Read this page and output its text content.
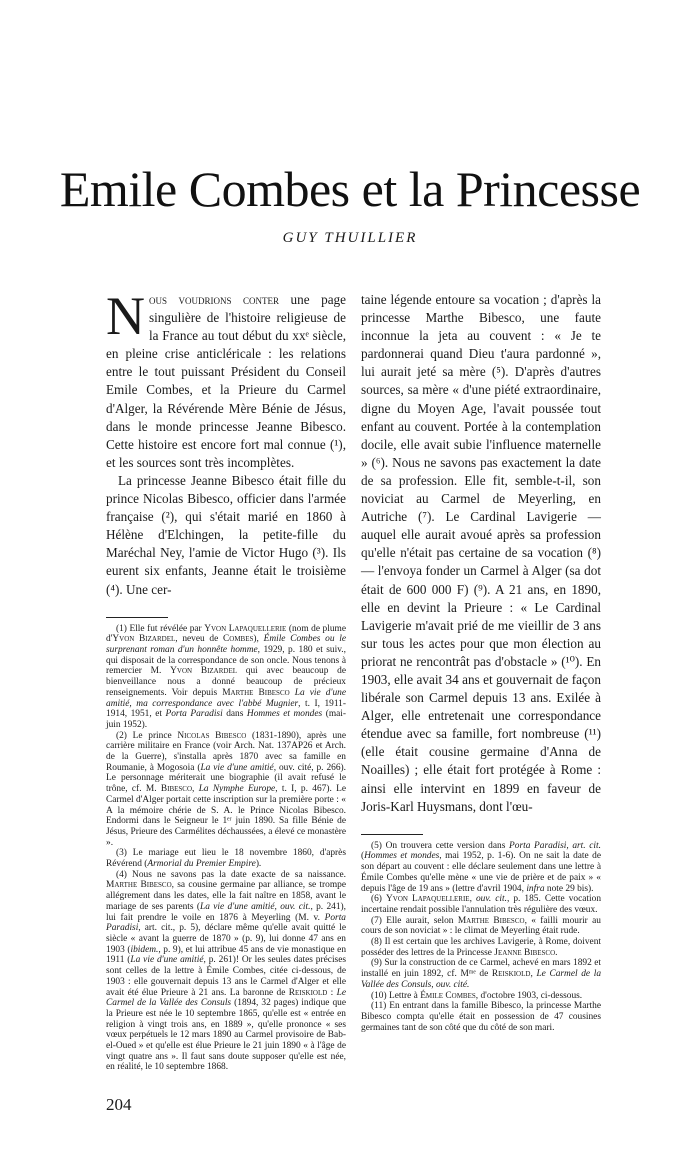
Emile Combes et la Princesse
GUY THUILLIER

Nous voudrions conter une page singulière de l'histoire religieuse de la France au tout début du xxᵉ siècle, en pleine crise anticléricale : les relations entre le tout puissant Président du Conseil Emile Combes, et la Prieure du Carmel d'Alger, la Révérende Mère Bénie de Jésus, dans le monde princesse Jeanne Bibesco. Cette histoire est encore fort mal connue (¹), et les sources sont très incomplètes.

La princesse Jeanne Bibesco était fille du prince Nicolas Bibesco, officier dans l'armée française (²), qui s'était marié en 1860 à Hélène d'Elchingen, la petite-fille du Maréchal Ney, l'amie de Victor Hugo (³). Ils eurent six enfants, Jeanne était le troisième (⁴). Une cer-

(1) Elle fut révélée par Yvon Lapaquellerie (nom de plume d'Yvon Bizardel, neveu de Combes), Émile Combes ou le surprenant roman d'un honnête homme, 1929, p. 180 et suiv., qui disposait de la correspondance de son oncle. Nous tenons à remercier M. Yvon Bizardel qui avec beaucoup de bienveillance nous a donné beaucoup de précieux renseignements. Voir depuis Marthe Bibesco La vie d'une amitié, ma correspondance avec l'abbé Mugnier, t. I, 1911-1914, 1951, et Porta Paradisi dans Hommes et mondes (mai-juin 1952).

(2) Le prince Nicolas Bibesco (1831-1890), après une carrière militaire en France (voir Arch. Nat. 137AP26 et Arch. de la Guerre), s'installa après 1870 avec sa famille en Roumanie, à Mogosoia (La vie d'une amitié, ouv. cité, p. 266). Le personnage mériterait une biographie (il avait refusé le trône, cf. M. Bibesco, La Nymphe Europe, t. I, p. 467). Le Carmel d'Alger portait cette inscription sur la première porte : « A la mémoire chérie de S. A. le Prince Nicolas Bibesco. Endormi dans le Seigneur le 1ᵉʳ juin 1890. Sa fille Bénie de Jésus, Prieure des Carmélites déchaussées, a élevé ce monastère ».

(3) Le mariage eut lieu le 18 novembre 1860, d'après Révérend (Armorial du Premier Empire).

(4) Nous ne savons pas la date exacte de sa naissance. Marthe Bibesco, sa cousine germaine par alliance, se trompe allégrement dans les dates, elle la fait naître en 1858, avant le mariage de ses parents (La vie d'une amitié, ouv. cit., p. 241), lui fait prendre le voile en 1876 à Meyerling (M. v. Porta Paradisi, art. cit., p. 5), déclare même qu'elle avait quitté le siècle « avant la guerre de 1870 » (p. 9), lui donne 47 ans en 1903 (ibidem., p. 9), et lui attribue 45 ans de vie monastique en 1911 (La vie d'une amitié, p. 261)! Or les seules dates précises sont celles de la lettre à Émile Combes, citée ci-dessous, de 1903 : elle gouvernait depuis 13 ans le Carmel d'Alger et elle avait été élue Prieure à 21 ans. La baronne de Reiskiold : Le Carmel de la Vallée des Consuls (1894, 32 pages) indique que la Prieure est née le 10 septembre 1865, qu'elle est « entrée en religion à vingt trois ans, en 1889 », qu'elle prononce « ses vœux perpétuels le 12 mars 1890 au Carmel provisoire de Bab-el-Oued » et qu'elle est élue Prieure le 21 juin 1890 « à l'âge de vingt quatre ans ». Il faut sans doute supposer qu'elle est née, en réalité, le 10 septembre 1868.

204

taine légende entoure sa vocation ; d'après la princesse Marthe Bibesco, une faute inconnue la jeta au couvent : « Je te pardonnerai quand Dieu t'aura pardonné », lui aurait jeté sa mère (⁵). D'après d'autres sources, sa mère « d'une piété extraordinaire, digne du Moyen Age, l'avait poussée tout enfant au couvent. Portée à la contemplation docile, elle avait subie l'influence maternelle » (⁶). Nous ne savons pas exactement la date de sa profession. Elle fit, semble-t-il, son noviciat au Carmel de Meyerling, en Autriche (⁷). Le Cardinal Lavigerie — auquel elle aurait avoué après sa profession qu'elle n'était pas certaine de sa vocation (⁸) — l'envoya fonder un Carmel à Alger (sa dot était de 600 000 F) (⁹). A 21 ans, en 1890, elle en devint la Prieure : « Le Cardinal Lavigerie m'avait prié de me vieillir de 3 ans sur tous les actes pour que mon élection au priorat ne rencontrât pas d'obstacle » (¹⁰). En 1903, elle avait 34 ans et gouvernait de façon libérale son Carmel depuis 13 ans. Exilée à Alger, elle entretenait une correspondance étendue avec sa famille, fort nombreuse (¹¹) (elle était cousine germaine d'Anna de Noailles) ; elle était fort protégée à Rome : ainsi elle intervint en 1899 en faveur de Joris-Karl Huysmans, dont l'œu-

(5) On trouvera cette version dans Porta Paradisi, art. cit. (Hommes et mondes, mai 1952, p. 1-6). On ne sait la date de son départ au couvent : elle déclare seulement dans une lettre à Émile Combes qu'elle mène « une vie de prière et de paix » « depuis l'âge de 19 ans » (lettre d'avril 1904, infra note 29 bis).

(6) Yvon Lapaquellerie, ouv. cit., p. 185. Cette vocation incertaine rendait possible l'annulation très régulière des vœux.

(7) Elle aurait, selon Marthe Bibesco, « failli mourir au cours de son noviciat » : le climat de Meyerling était rude.

(8) Il est certain que les archives Lavigerie, à Rome, doivent posséder des lettres de la Princesse Jeanne Bibesco.

(9) Sur la construction de ce Carmel, achevé en mars 1892 et installé en juin 1892, cf. Mᵐᵉ de Reiskiold, Le Carmel de la Vallée des Consuls, ouv. cité.

(10) Lettre à Émile Combes, d'octobre 1903, ci-dessous.

(11) En entrant dans la famille Bibesco, la princesse Marthe Bibesco compta qu'elle était en possession de 47 cousines germaines tant de son côté que du côté de son mari.
